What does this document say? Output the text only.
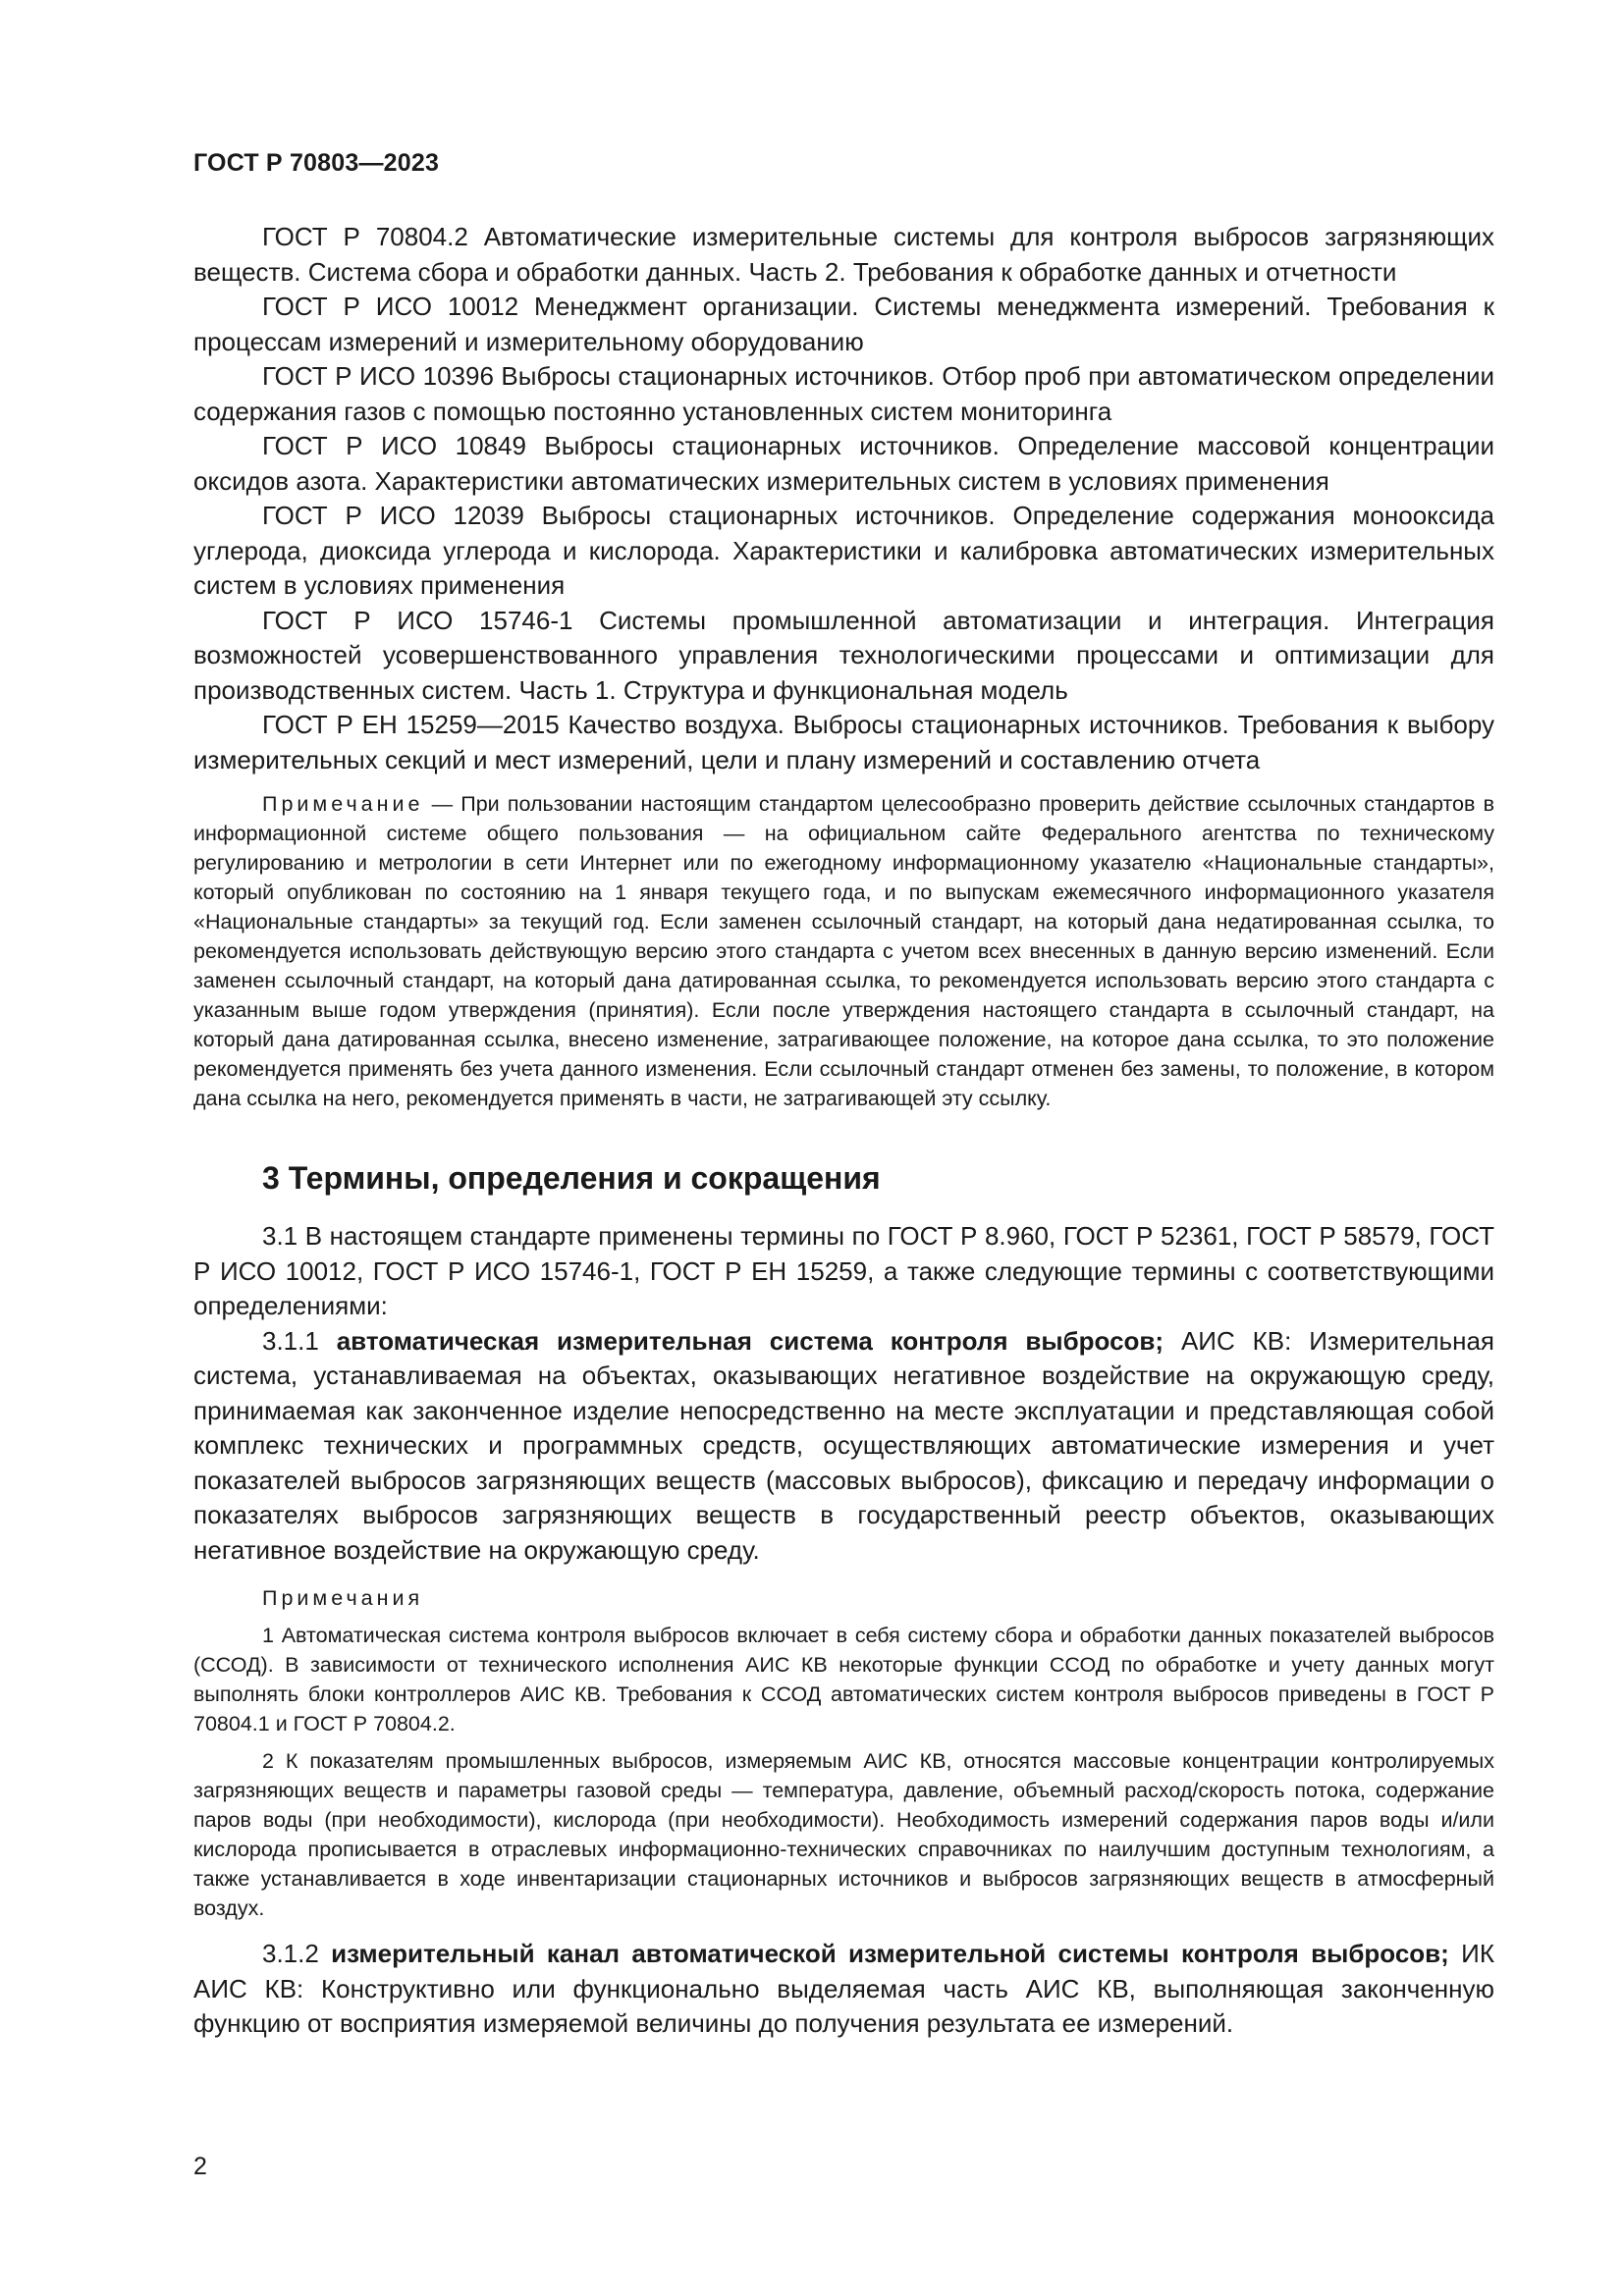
ГОСТ Р 70803—2023

ГОСТ Р 70804.2 Автоматические измерительные системы для контроля выбросов загрязняющих веществ. Система сбора и обработки данных. Часть 2. Требования к обработке данных и отчетности

ГОСТ Р ИСО 10012 Менеджмент организации. Системы менеджмента измерений. Требования к процессам измерений и измерительному оборудованию

ГОСТ Р ИСО 10396 Выбросы стационарных источников. Отбор проб при автоматическом определении содержания газов с помощью постоянно установленных систем мониторинга

ГОСТ Р ИСО 10849 Выбросы стационарных источников. Определение массовой концентрации оксидов азота. Характеристики автоматических измерительных систем в условиях применения

ГОСТ Р ИСО 12039 Выбросы стационарных источников. Определение содержания монооксида углерода, диоксида углерода и кислорода. Характеристики и калибровка автоматических измерительных систем в условиях применения

ГОСТ Р ИСО 15746-1 Системы промышленной автоматизации и интеграция. Интеграция возможностей усовершенствованного управления технологическими процессами и оптимизации для производственных систем. Часть 1. Структура и функциональная модель

ГОСТ Р ЕН 15259—2015 Качество воздуха. Выбросы стационарных источников. Требования к выбору измерительных секций и мест измерений, цели и плану измерений и составлению отчета

Примечание — При пользовании настоящим стандартом целесообразно проверить действие ссылочных стандартов в информационной системе общего пользования — на официальном сайте Федерального агентства по техническому регулированию и метрологии в сети Интернет или по ежегодному информационному указателю «Национальные стандарты», который опубликован по состоянию на 1 января текущего года, и по выпускам ежемесячного информационного указателя «Национальные стандарты» за текущий год. Если заменен ссылочный стандарт, на который дана недатированная ссылка, то рекомендуется использовать действующую версию этого стандарта с учетом всех внесенных в данную версию изменений. Если заменен ссылочный стандарт, на который дана датированная ссылка, то рекомендуется использовать версию этого стандарта с указанным выше годом утверждения (принятия). Если после утверждения настоящего стандарта в ссылочный стандарт, на который дана датированная ссылка, внесено изменение, затрагивающее положение, на которое дана ссылка, то это положение рекомендуется применять без учета данного изменения. Если ссылочный стандарт отменен без замены, то положение, в котором дана ссылка на него, рекомендуется применять в части, не затрагивающей эту ссылку.

3 Термины, определения и сокращения

3.1 В настоящем стандарте применены термины по ГОСТ Р 8.960, ГОСТ Р 52361, ГОСТ Р 58579, ГОСТ Р ИСО 10012, ГОСТ Р ИСО 15746-1, ГОСТ Р ЕН 15259, а также следующие термины с соответствующими определениями:

3.1.1 автоматическая измерительная система контроля выбросов; АИС КВ: Измерительная система, устанавливаемая на объектах, оказывающих негативное воздействие на окружающую среду, принимаемая как законченное изделие непосредственно на месте эксплуатации и представляющая собой комплекс технических и программных средств, осуществляющих автоматические измерения и учет показателей выбросов загрязняющих веществ (массовых выбросов), фиксацию и передачу информации о показателях выбросов загрязняющих веществ в государственный реестр объектов, оказывающих негативное воздействие на окружающую среду.

Примечания

1 Автоматическая система контроля выбросов включает в себя систему сбора и обработки данных показателей выбросов (ССОД). В зависимости от технического исполнения АИС КВ некоторые функции ССОД по обработке и учету данных могут выполнять блоки контроллеров АИС КВ. Требования к ССОД автоматических систем контроля выбросов приведены в ГОСТ Р 70804.1 и ГОСТ Р 70804.2.

2 К показателям промышленных выбросов, измеряемым АИС КВ, относятся массовые концентрации контролируемых загрязняющих веществ и параметры газовой среды — температура, давление, объемный расход/скорость потока, содержание паров воды (при необходимости), кислорода (при необходимости). Необходимость измерений содержания паров воды и/или кислорода прописывается в отраслевых информационно-технических справочниках по наилучшим доступным технологиям, а также устанавливается в ходе инвентаризации стационарных источников и выбросов загрязняющих веществ в атмосферный воздух.

3.1.2 измерительный канал автоматической измерительной системы контроля выбросов; ИК АИС КВ: Конструктивно или функционально выделяемая часть АИС КВ, выполняющая законченную функцию от восприятия измеряемой величины до получения результата ее измерений.

2
